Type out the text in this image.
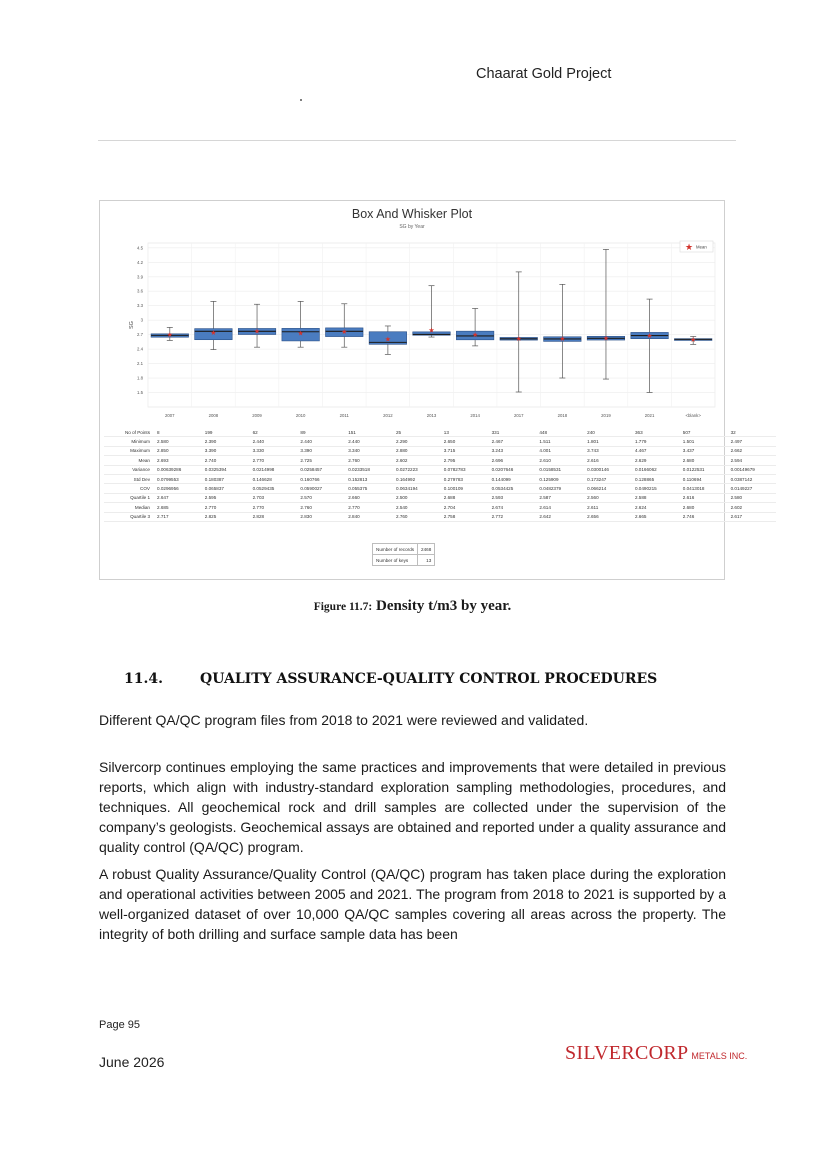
Chaarat Gold Project
Box And Whisker Plot
SG by Year
4.5
4.2
3.9
3.6
3.3
3
2.7
2.4
2.1
1.8
1.5
SG
★
2007
★
2008
★
2009
★
2010
★
2011
★
2012
★
2013
★
2014
★
2017
★
2018
★
2019
★
2021
★
<blank>
★ Mean
No of Points	8	199	62	89	151	25	13	331	448	240	363	507	32
Minimum	2.580	2.390	2.440	2.440	2.440	2.290	2.650	2.467	1.511	1.801	1.779	1.501	2.497
Maximum	2.850	3.390	3.330	3.390	3.340	2.880	3.715	3.243	4.001	3.743	4.467	3.437	2.662
Mean	2.693	2.740	2.770	2.725	2.760	2.602	2.795	2.696	2.610	2.616	2.629	2.680	2.594
Variance	0.00639286	0.0325394	0.0214998	0.0258457	0.0233518	0.0272223	0.0782783	0.0207646	0.0158531	0.0300146	0.0166062	0.0122531	0.00149679
Std Dev	0.0799553	0.180387	0.146628	0.160766	0.152813	0.164992	0.279783	0.144099	0.125909	0.173247	0.128865	0.110694	0.0387142
COV	0.0296956	0.065837	0.0529435	0.0590027	0.055375	0.0634194	0.100109	0.0534425	0.0482379	0.066214	0.0490215	0.0413018	0.0149227
Quartile 1	2.647	2.595	2.703	2.570	2.660	2.500	2.688	2.593	2.587	2.560	2.588	2.616	2.580
Median	2.685	2.770	2.770	2.760	2.770	2.540	2.704	2.674	2.614	2.611	2.624	2.680	2.602
Quartile 3	2.717	2.825	2.828	2.830	2.840	2.760	2.758	2.772	2.642	2.656	2.665	2.746	2.617
Number of records	2468
Number of keys	13
Figure 11.7: Density t/m3 by year.
11.4.	QUALITY ASSURANCE-QUALITY CONTROL PROCEDURES
Different QA/QC program files from 2018 to 2021 were reviewed and validated.
Silvercorp continues employing the same practices and improvements that were detailed in previous reports, which align with industry-standard exploration sampling methodologies, procedures, and techniques. All geochemical rock and drill samples are collected under the supervision of the company’s geologists. Geochemical assays are obtained and reported under a quality assurance and quality control (QA/QC) program.
A robust Quality Assurance/Quality Control (QA/QC) program has taken place during the exploration and operational activities between 2005 and 2021. The program from 2018 to 2021 is supported by a well-organized dataset of over 10,000 QA/QC samples covering all areas across the property. The integrity of both drilling and surface sample data has been
Page 95
June 2026	SILVERCORP METALS INC.
